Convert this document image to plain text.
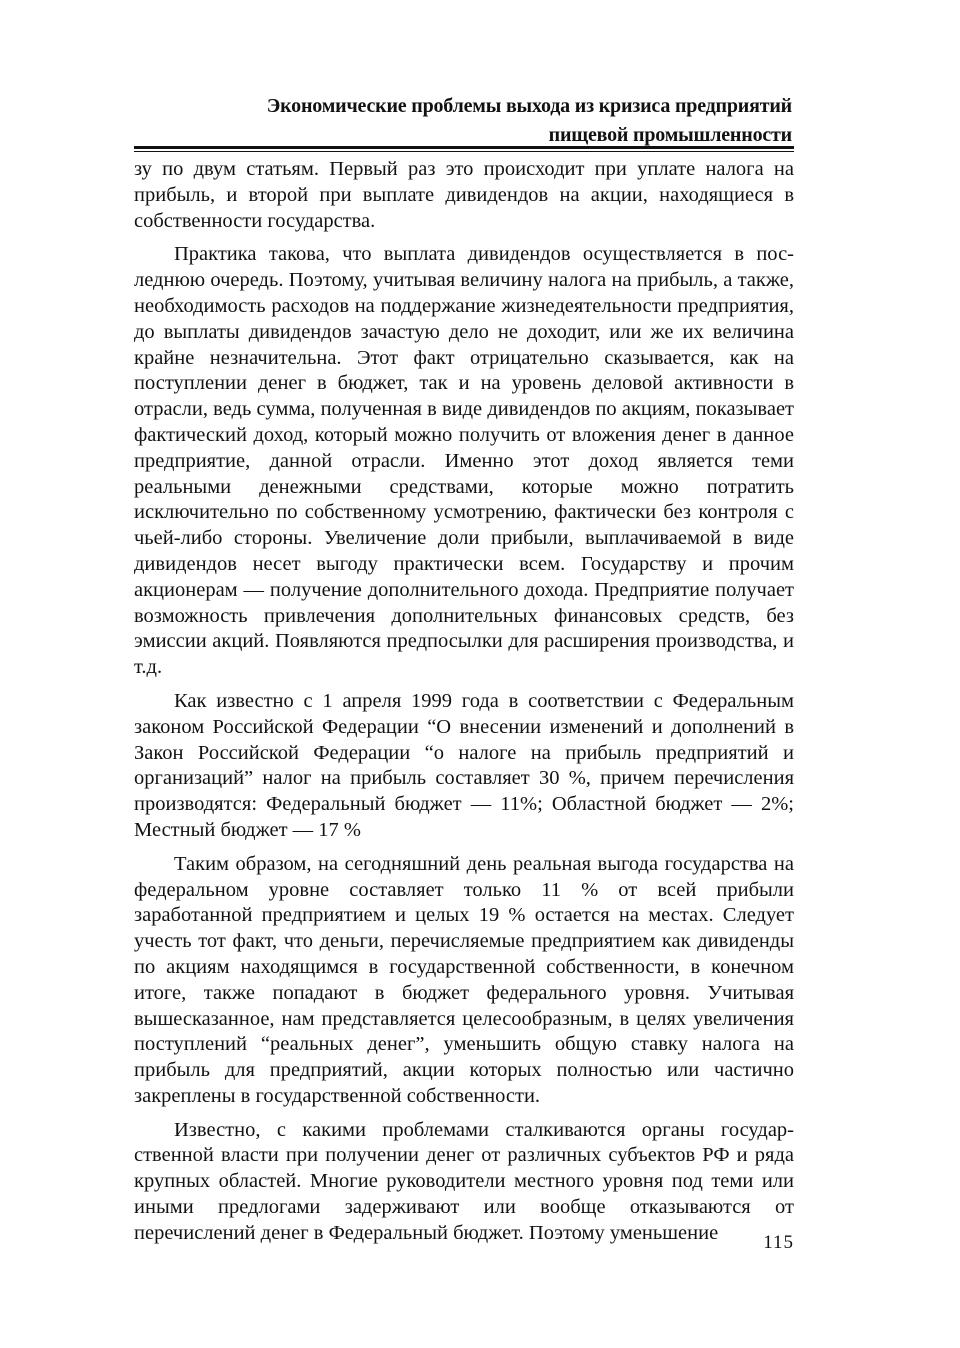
Экономические проблемы выхода из кризиса предприятий
пищевой промышленности

зу по двум статьям. Первый раз это происходит при уплате налога на прибыль, и второй при выплате дивидендов на акции, находящиеся в собственности государства.

Практика такова, что выплата дивидендов осуществляется в последнюю очередь. Поэтому, учитывая величину налога на прибыль, а также, необходимость расходов на поддержание жизнедеятельности предприятия, до выплаты дивидендов зачастую дело не доходит, или же их величина крайне незначительна. Этот факт отрицательно сказывается, как на поступлении денег в бюджет, так и на уровень деловой активности в отрасли, ведь сумма, полученная в виде дивидендов по акциям, показывает фактический доход, который можно получить от вложения денег в данное предприятие, данной отрасли. Именно этот доход является теми реальными денежными средствами, которые можно потратить исключительно по собственному усмотрению, фактически без контроля с чьей-либо стороны. Увеличение доли прибыли, выплачиваемой в виде дивидендов несет выгоду практически всем. Государству и прочим акционерам — получение дополнительного дохода. Предприятие получает возможность привлечения дополнительных финансовых средств, без эмиссии акций. Появляются предпосылки для расширения производства, и т.д.

Как известно с 1 апреля 1999 года в соответствии с Федеральным законом Российской Федерации “О внесении изменений и дополнений в Закон Российской Федерации “о налоге на прибыль предприятий и организаций” налог на прибыль составляет 30 %, причем перечисления производятся: Федеральный бюджет — 11%; Областной бюджет — 2%; Местный бюджет — 17 %

Таким образом, на сегодняшний день реальная выгода государства на федеральном уровне составляет только 11 % от всей прибыли заработанной предприятием и целых 19 % остается на местах. Следует учесть тот факт, что деньги, перечисляемые предприятием как дивиденды по акциям находящимся в государственной собственности, в конечном итоге, также попадают в бюджет федерального уровня. Учитывая вышесказанное, нам представляется целесообразным, в целях увеличения поступлений “реальных денег”, уменьшить общую ставку налога на прибыль для предприятий, акции которых полностью или частично закреплены в государственной собственности.

Известно, с какими проблемами сталкиваются органы государственной власти при получении денег от различных субъектов РФ и ряда крупных областей. Многие руководители местного уровня под теми или иными предлогами задерживают или вообще отказываются от перечислений денег в Федеральный бюджет. Поэтому уменьшение	115
